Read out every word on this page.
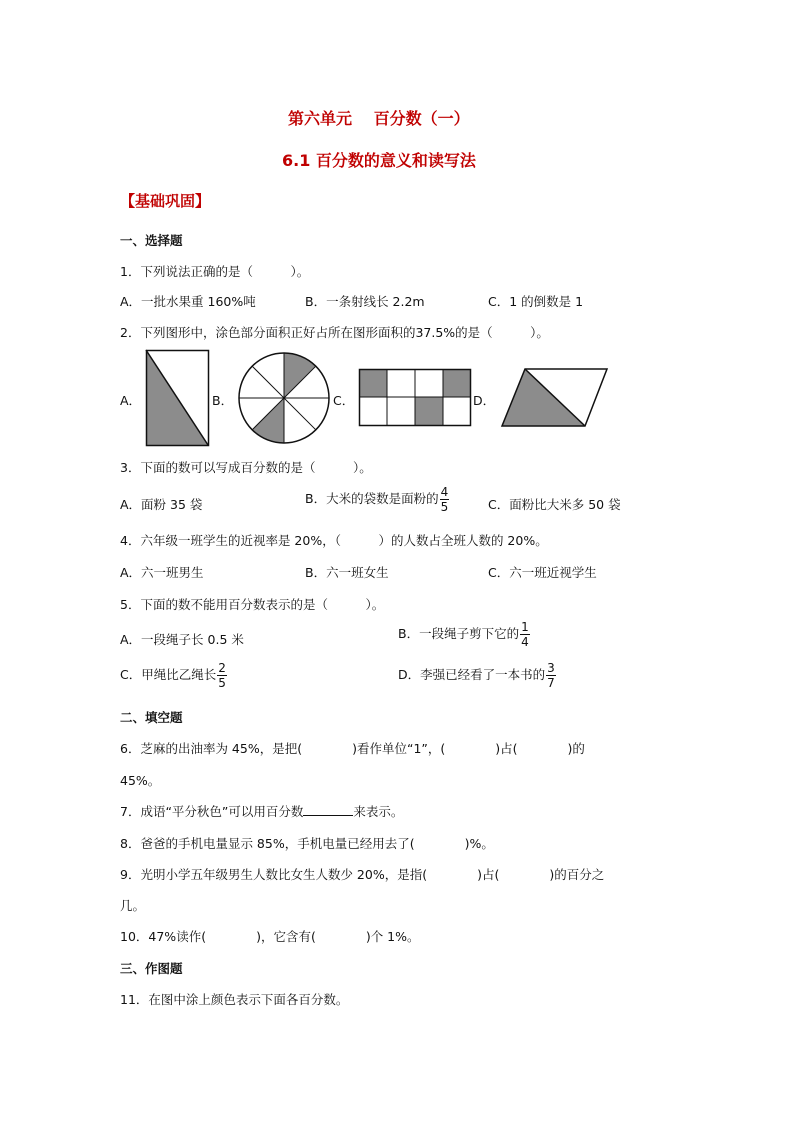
第六单元　 百分数（一）
6.1 百分数的意义和读写法
【基础巩固】
一、选择题
1．下列说法正确的是（　　　）。
A．一批水果重 160%吨	B．一条射线长 2.2m	C．1 的倒数是 1
2．下列图形中，涂色部分面积正好占所在图形面积的37.5%的是（　　　）。
A．	B．	C．	D．
3．下面的数可以写成百分数的是（　　　）。
A．面粉 35 袋	B．大米的袋数是面粉的 $\frac{4}{5}$	C．面粉比大米多 50 袋
4．六年级一班学生的近视率是 20%，（　　　）的人数占全班人数的 20%。
A．六一班男生	B．六一班女生	C．六一班近视学生
5．下面的数不能用百分数表示的是（　　　）。
A．一段绳子长 0.5 米	B．一段绳子剪下它的 $\frac{1}{4}$
C．甲绳比乙绳长 $\frac{2}{5}$	D．李强已经看了一本书的 $\frac{3}{7}$
二、填空题
6．芝麻的出油率为 45%，是把(　　　　)看作单位“1”，(　　　　)占(　　　　)的
45%。
7．成语“平分秋色”可以用百分数	来表示。
8．爸爸的手机电量显示 85%，手机电量已经用去了(　　　　)%。
9．光明小学五年级男生人数比女生人数少 20%，是指(　　　　)占(　　　　)的百分之
几。
10．47%读作(　　　　)，它含有(　　　　)个 1%。
三、作图题
11．在图中涂上颜色表示下面各百分数。
